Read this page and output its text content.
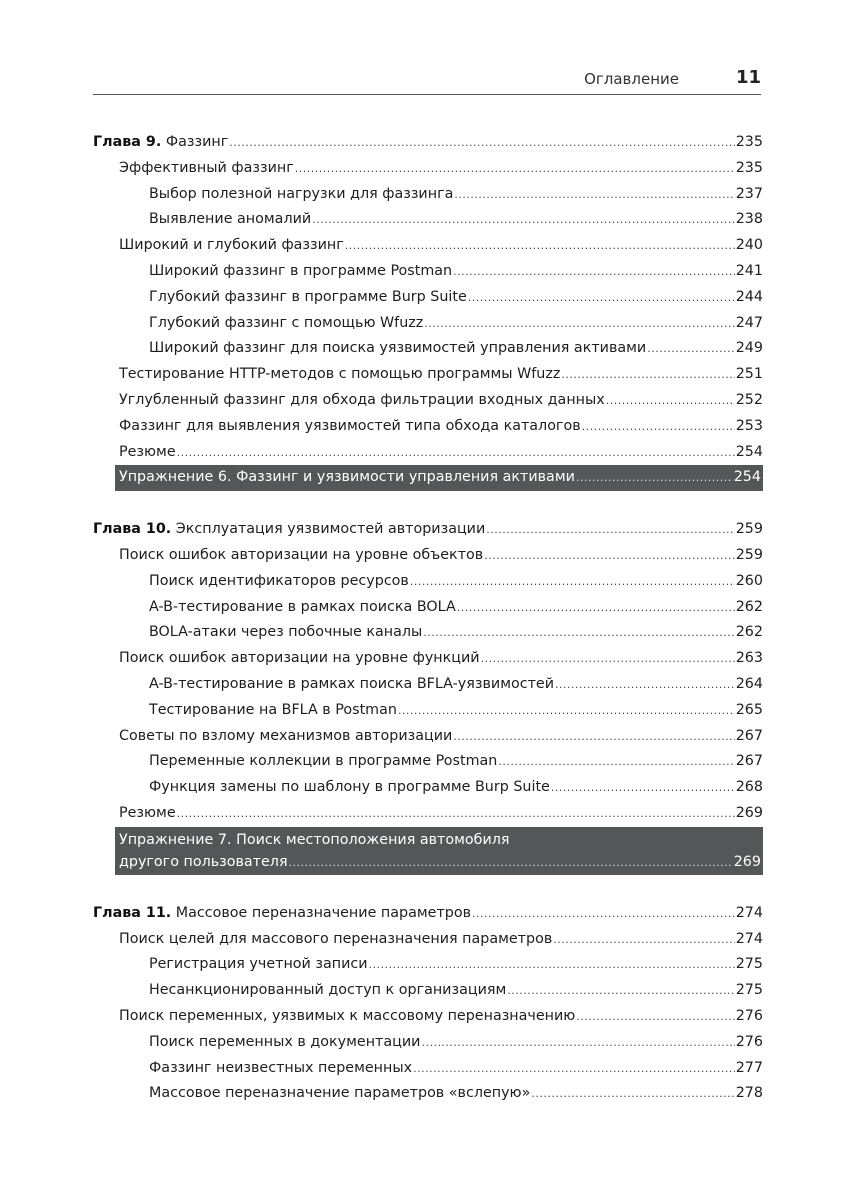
Оглавление	11
Глава 9. Фаззинг .....	235
Эффективный фаззинг .....	235
Выбор полезной нагрузки для фаззинга .....	237
Выявление аномалий .....	238
Широкий и глубокий фаззинг .....	240
Широкий фаззинг в программе Postman .....	241
Глубокий фаззинг в программе Burp Suite .....	244
Глубокий фаззинг с помощью Wfuzz .....	247
Широкий фаззинг для поиска уязвимостей управления активами .....	249
Тестирование HTTP-методов с помощью программы Wfuzz .....	251
Углубленный фаззинг для обхода фильтрации входных данных .....	252
Фаззинг для выявления уязвимостей типа обхода каталогов .....	253
Резюме .....	254
Упражнение 6. Фаззинг и уязвимости управления активами .....	254
Глава 10. Эксплуатация уязвимостей авторизации .....	259
Поиск ошибок авторизации на уровне объектов .....	259
Поиск идентификаторов ресурсов .....	260
A-B-тестирование в рамках поиска BOLA .....	262
BOLA-атаки через побочные каналы .....	262
Поиск ошибок авторизации на уровне функций .....	263
A-B-тестирование в рамках поиска BFLA-уязвимостей .....	264
Тестирование на BFLA в Postman .....	265
Советы по взлому механизмов авторизации .....	267
Переменные коллекции в программе Postman .....	267
Функция замены по шаблону в программе Burp Suite .....	268
Резюме .....	269
Упражнение 7. Поиск местоположения автомобиля
другого пользователя .....	269
Глава 11. Массовое переназначение параметров .....	274
Поиск целей для массового переназначения параметров .....	274
Регистрация учетной записи .....	275
Несанкционированный доступ к организациям .....	275
Поиск переменных, уязвимых к массовому переназначению .....	276
Поиск переменных в документации .....	276
Фаззинг неизвестных переменных .....	277
Массовое переназначение параметров «вслепую» .....	278
